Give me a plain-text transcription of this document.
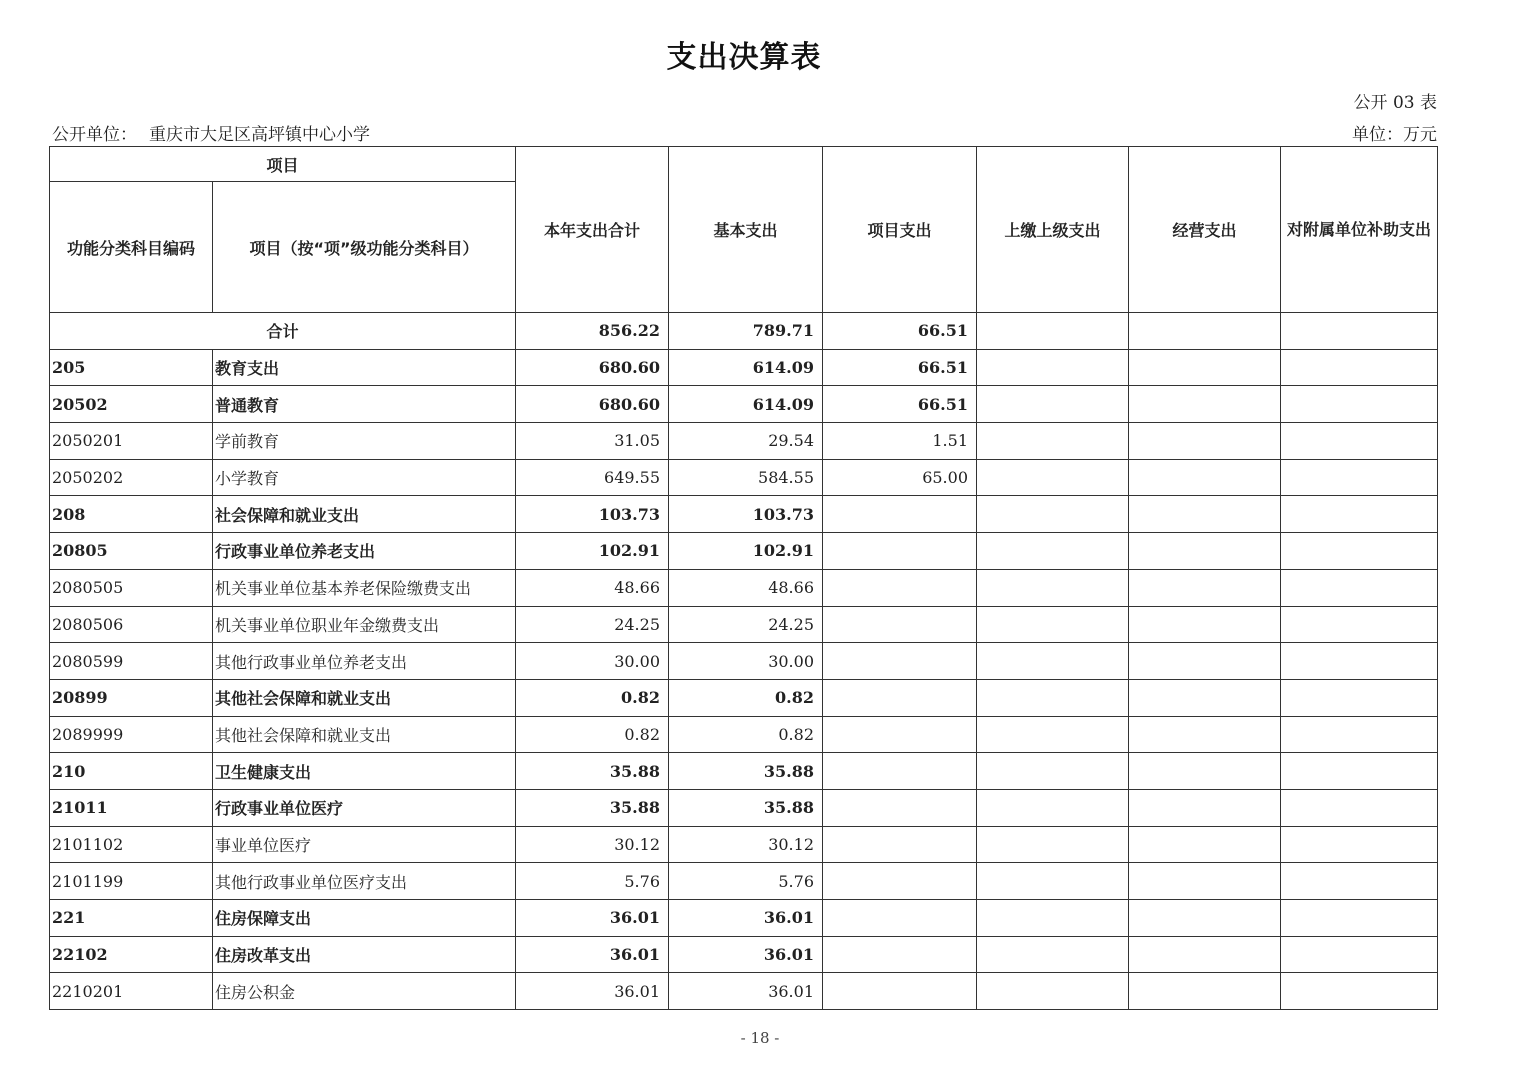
支出决算表
公开 03 表
公开单位： 重庆市大足区高坪镇中心小学	单位：万元
项目		本年支出合计	基本支出	项目支出	上缴上级支出	经营支出	对附属单位补助支出
功能分类科目编码	项目（按“项”级功能分类科目）						
合计		856.22	789.71	66.51			
205	教育支出	680.60	614.09	66.51			
20502	普通教育	680.60	614.09	66.51			
2050201	学前教育	31.05	29.54	1.51			
2050202	小学教育	649.55	584.55	65.00			
208	社会保障和就业支出	103.73	103.73				
20805	行政事业单位养老支出	102.91	102.91				
2080505	机关事业单位基本养老保险缴费支出	48.66	48.66				
2080506	机关事业单位职业年金缴费支出	24.25	24.25				
2080599	其他行政事业单位养老支出	30.00	30.00				
20899	其他社会保障和就业支出	0.82	0.82				
2089999	其他社会保障和就业支出	0.82	0.82				
210	卫生健康支出	35.88	35.88				
21011	行政事业单位医疗	35.88	35.88				
2101102	事业单位医疗	30.12	30.12				
2101199	其他行政事业单位医疗支出	5.76	5.76				
221	住房保障支出	36.01	36.01				
22102	住房改革支出	36.01	36.01				
2210201	住房公积金	36.01	36.01				
- 18 -
